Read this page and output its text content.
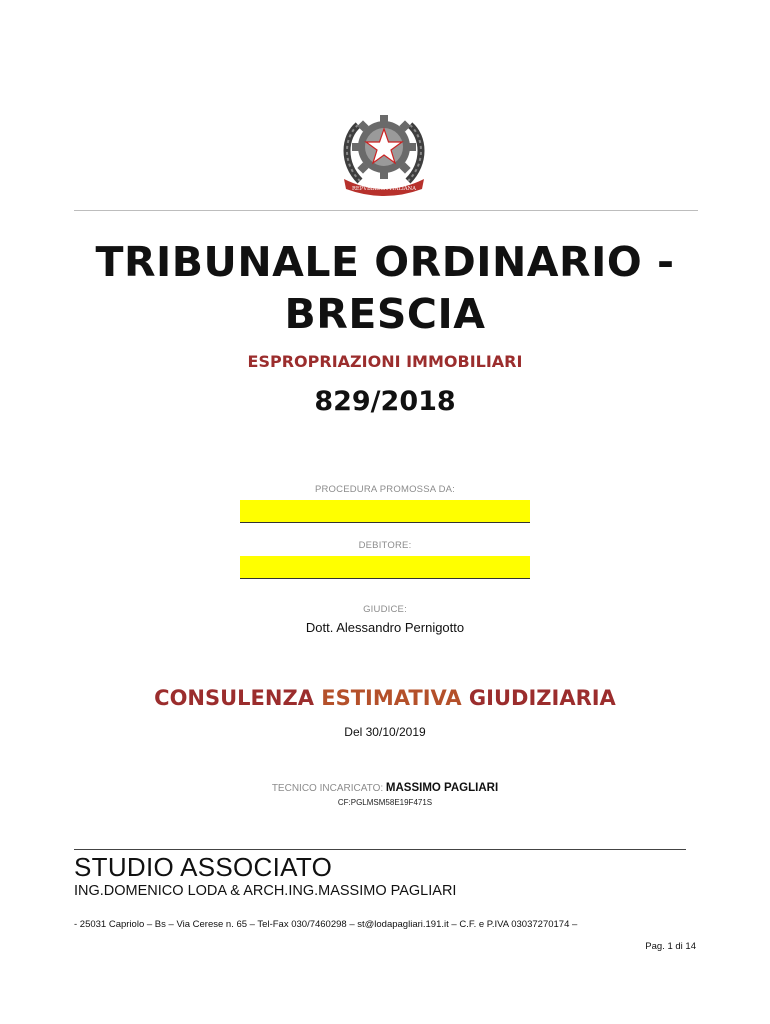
REPVBBLICA ITALIANA
TRIBUNALE ORDINARIO -
BRESCIA
ESPROPRIAZIONI IMMOBILIARI
829/2018
PROCEDURA PROMOSSA DA:
DEBITORE:
GIUDICE:
Dott. Alessandro Pernigotto
CONSULENZA ESTIMATIVA GIUDIZIARIA
Del 30/10/2019
TECNICO INCARICATO: MASSIMO PAGLIARI
CF:PGLMSM58E19F471S
STUDIO ASSOCIATO
ING.DOMENICO LODA & ARCH.ING.MASSIMO PAGLIARI
- 25031 Capriolo – Bs – Via Cerese n. 65 – Tel-Fax 030/7460298 – st@lodapagliari.191.it – C.F. e P.IVA 03037270174 –
Pag. 1 di 14
